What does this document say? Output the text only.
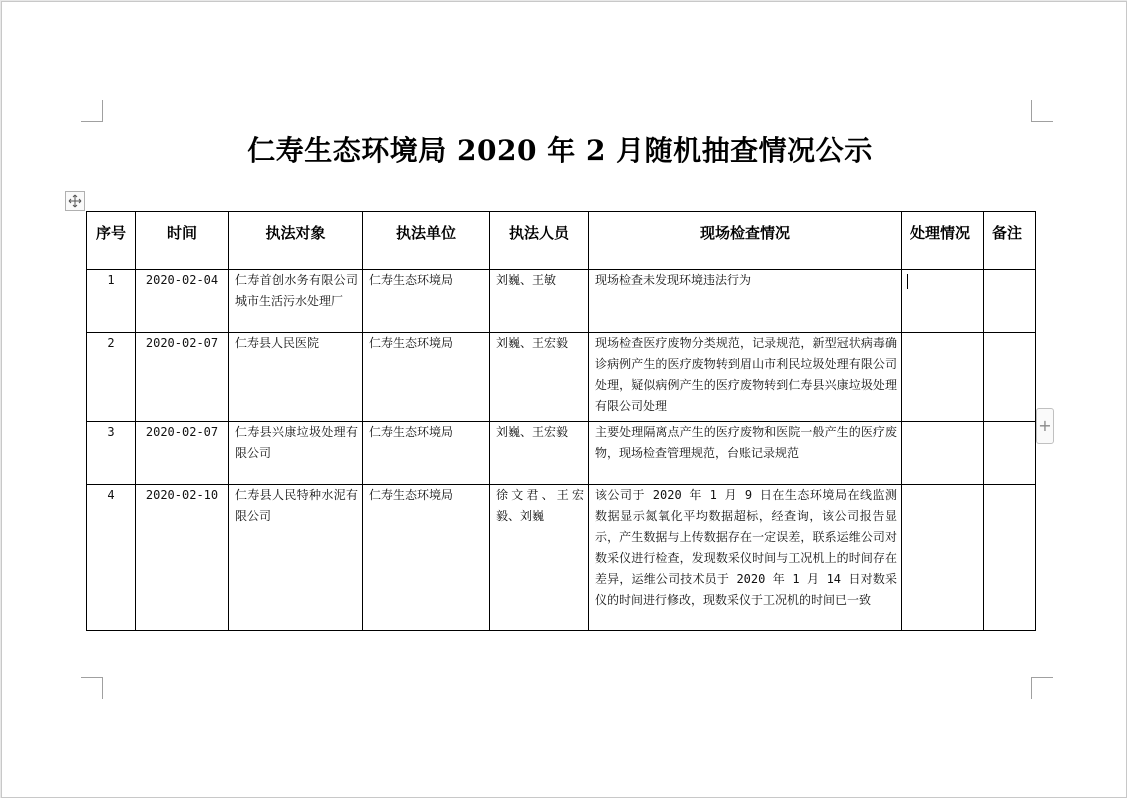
仁寿生态环境局 2020 年 2 月随机抽查情况公示
+
序号	时间	执法对象	执法单位	执法人员	现场检查情况	处理情况	备注
1	2020-02-04	仁寿首创水务有限公司城市生活污水处理厂	仁寿生态环境局	刘巍、王敏	现场检查未发现环境违法行为		
2	2020-02-07	仁寿县人民医院	仁寿生态环境局	刘巍、王宏毅	现场检查医疗废物分类规范，记录规范，新型冠状病毒确诊病例产生的医疗废物转到眉山市利民垃圾处理有限公司处理，疑似病例产生的医疗废物转到仁寿县兴康垃圾处理有限公司处理		
3	2020-02-07	仁寿县兴康垃圾处理有限公司	仁寿生态环境局	刘巍、王宏毅	主要处理隔离点产生的医疗废物和医院一般产生的医疗废物，现场检查管理规范，台账记录规范		
4	2020-02-10	仁寿县人民特种水泥有限公司	仁寿生态环境局	徐文君、王宏毅、刘巍	该公司于 2020 年 1 月 9 日在生态环境局在线监测数据显示氮氧化平均数据超标，经查询，该公司报告显示，产生数据与上传数据存在一定误差，联系运维公司对数采仪进行检查，发现数采仪时间与工况机上的时间存在差异，运维公司技术员于 2020 年 1 月 14 日对数采仪的时间进行修改，现数采仪于工况机的时间已一致		
